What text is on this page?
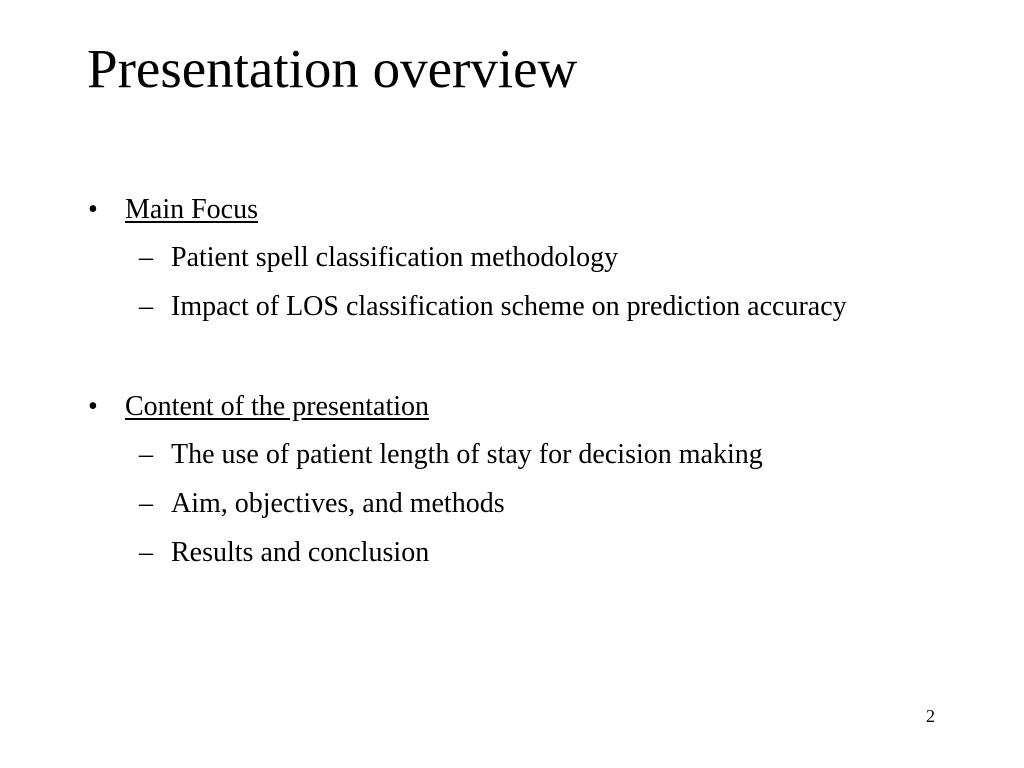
Presentation overview
• Main Focus
– Patient spell classification methodology
– Impact of LOS classification scheme on prediction accuracy
• Content of the presentation
– The use of patient length of stay for decision making
– Aim, objectives, and methods
– Results and conclusion
2
